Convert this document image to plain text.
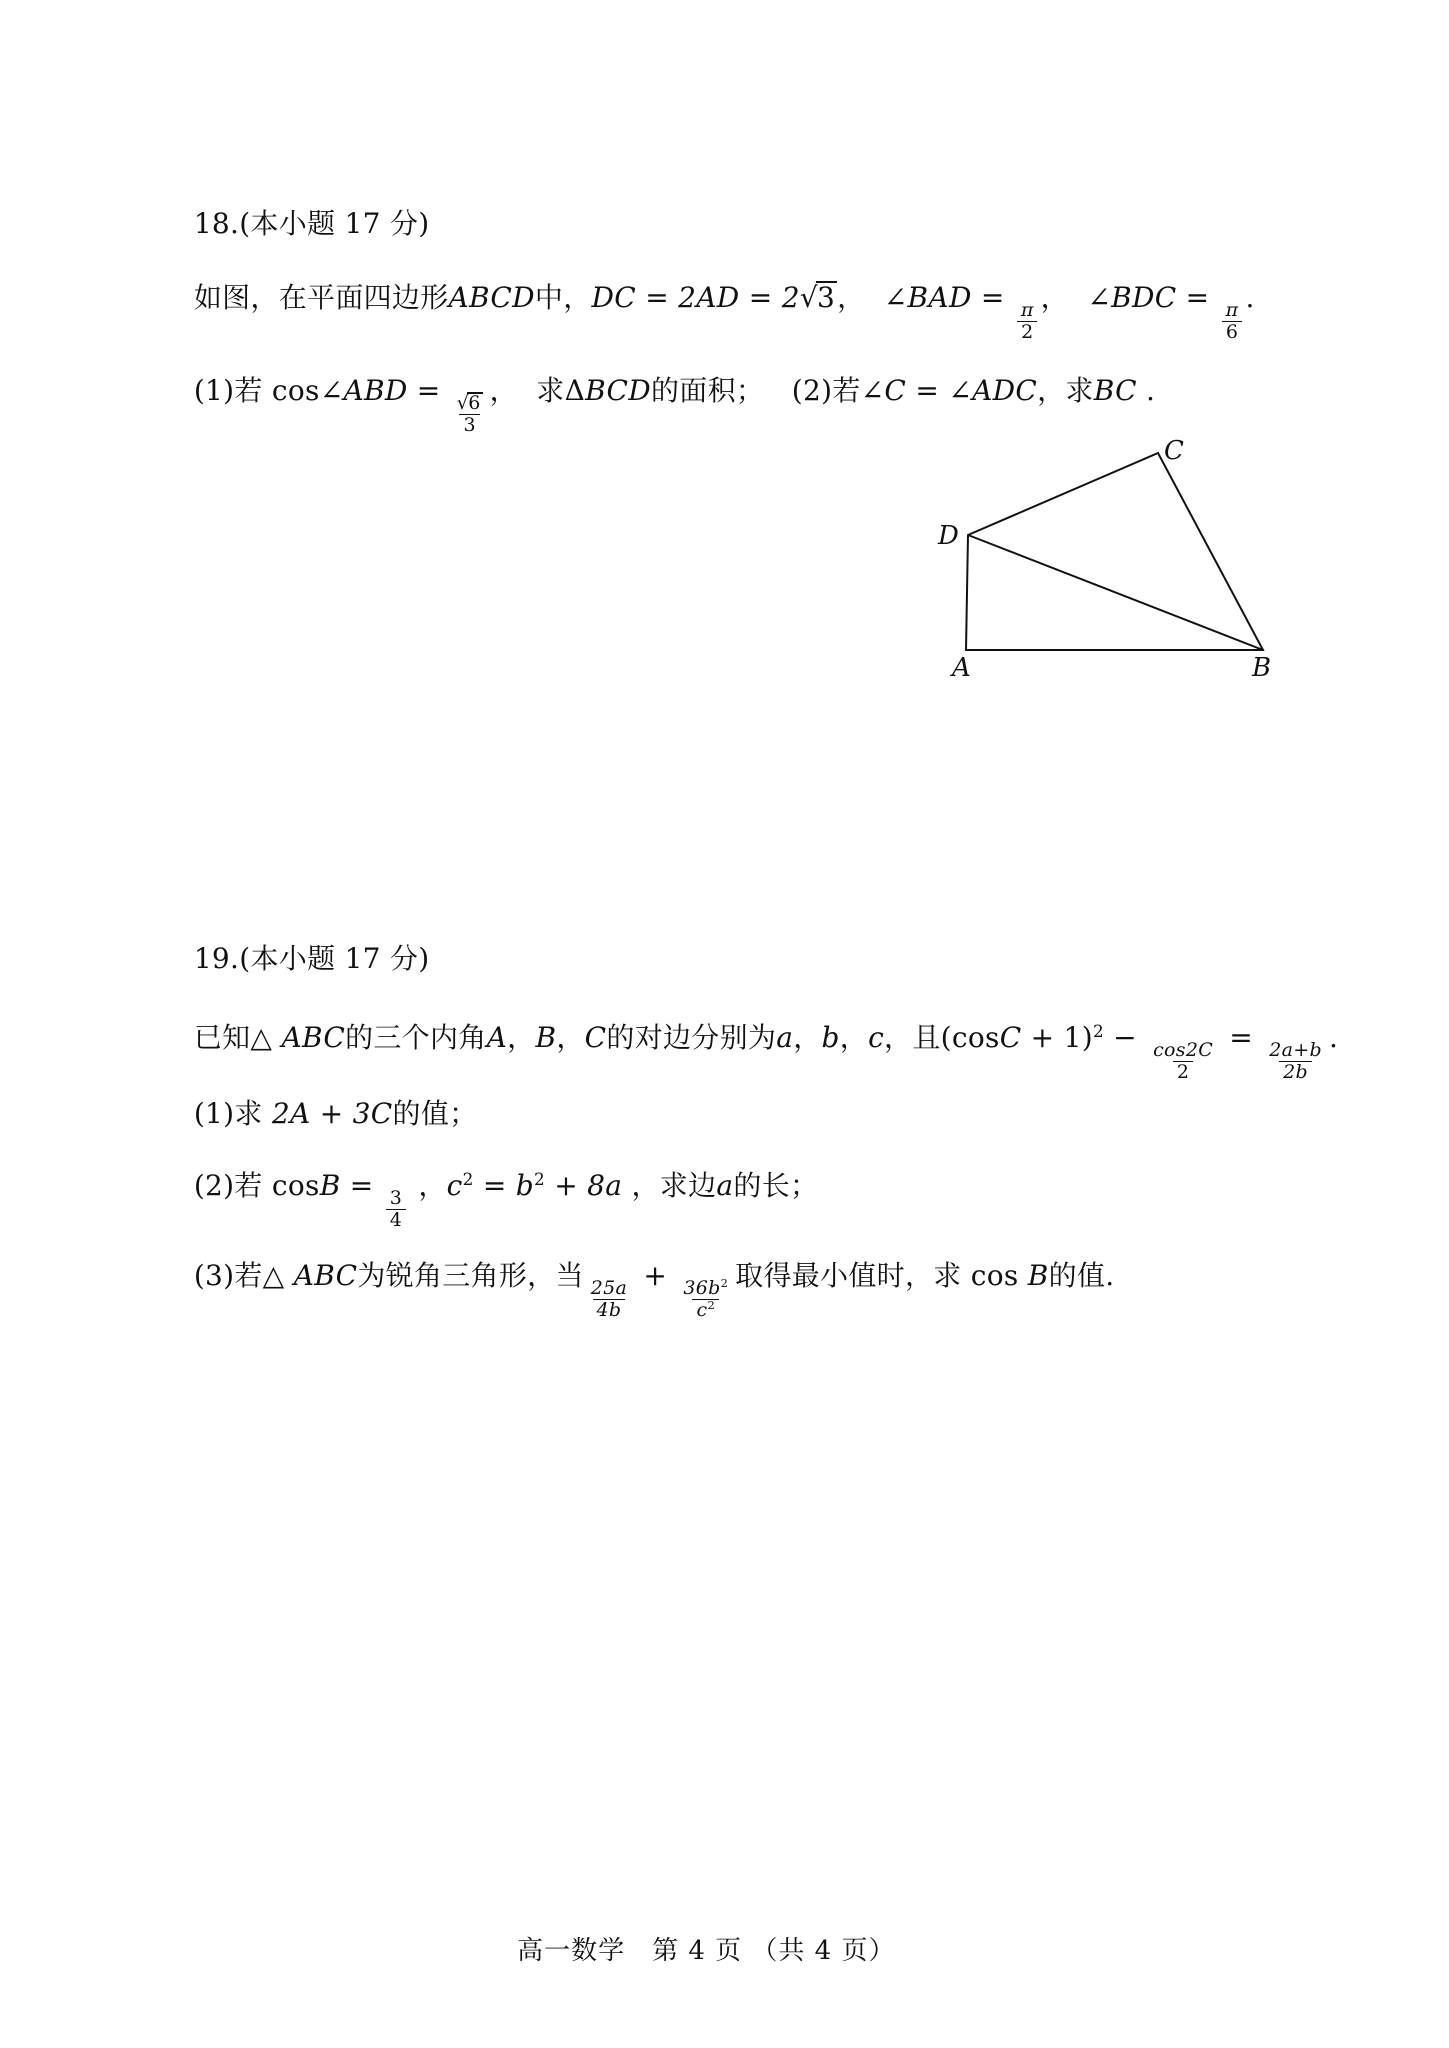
18.(本小题 17 分)

如图，在平面四边形ABCD中，DC = 2AD = 2√3，  ∠BAD =
$\frac{\pi}{2}$
，  ∠BDC =
$\frac{\pi}{6}$
.

(1)若 cos∠ABD =
$\frac{√6}{3}$
，  求ΔBCD的面积；   (2)若∠C = ∠ADC，求BC .

A	B
C
D

19.(本小题 17 分)

已知△ ABC的三个内角A，B，C的对边分别为a，b，c，且$(\cos C + 1)^2$ −
$\frac{\cos 2C}{2}$
=
$\frac{2a+b}{2b}$
.

(1)求 2A + 3C的值；

(2)若 cosB =
$\frac{3}{4}$
，$c^2 = b^2 + 8a$ ，求边a的长；

(3)若△ ABC为锐角三角形，当
$\frac{25a}{4b}$
+
$\frac{36b^2}{c^2}$
取得最小值时，求 cos B的值.

高一数学　第 4 页 （共 4 页）
